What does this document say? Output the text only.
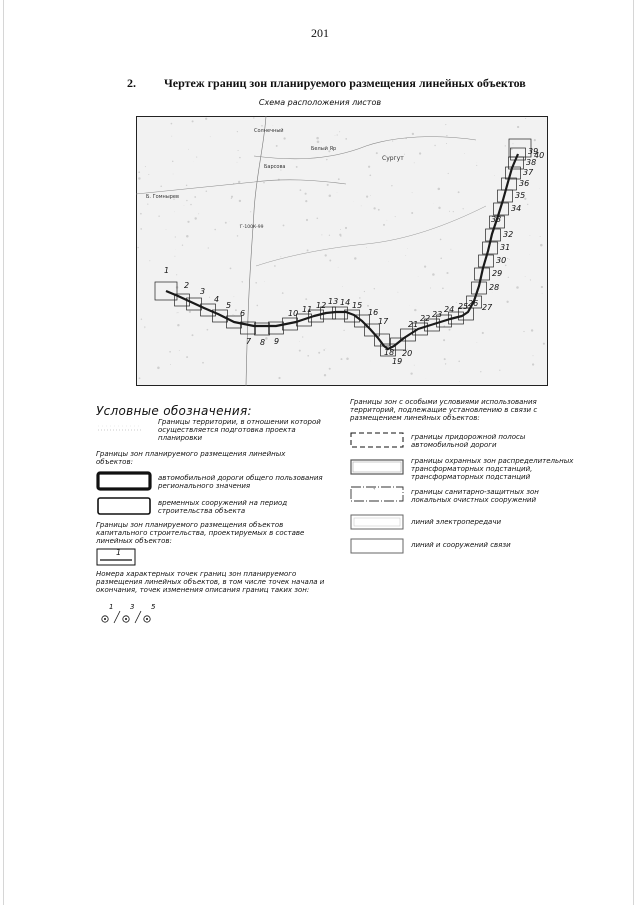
201
2. Чертеж границ зон планируемого размещения линейных объектов
Схема расположения листов
Солнечный
Барсова
Белый Яр
Сургут
Б. Гомнырев
Г-100К-99
1
2
3
4
5
6
7 8 9
10 11 12 13 14 15
16
17
18
19
20
21
22 23
24 25 26 27
28
29
30
31
32
33
34
35
36
37
38
39
40
Условные обозначения:
Границы территории, в отношении которой осуществляется подготовка проекта планировки
Границы зон планируемого размещения линейных объектов:
автомобильной дороги общего пользования регионального значения
временных сооружений на период строительства объекта
Границы зон планируемого размещения объектов капитального строительства, проектируемых в составе линейных объектов:
1
Номера характерных точек границ зон планируемого размещения линейных объектов, в том числе точек начала и окончания, точек изменения описания границ таких зон:
1 3 5
Границы зон с особыми условиями использования территорий, подлежащие установлению в связи с размещением линейных объектов:
границы придорожной полосы автомобильной дороги
границы охранных зон распределительных трансформаторных подстанций, трансформаторных подстанций
+	границы санитарно-защитных зон локальных очистных сооружений
линий электропередачи
линий и сооружений связи
